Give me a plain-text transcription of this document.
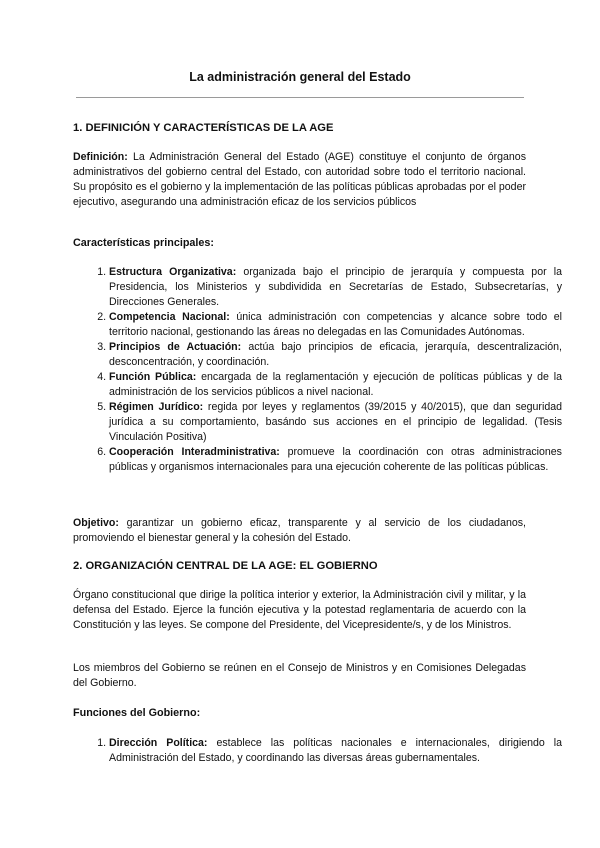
La administración general del Estado
1. DEFINICIÓN Y CARACTERÍSTICAS DE LA AGE

Definición: La Administración General del Estado (AGE) constituye el conjunto de órganos administrativos del gobierno central del Estado, con autoridad sobre todo el territorio nacional. Su propósito es el gobierno y la implementación de las políticas públicas aprobadas por el poder ejecutivo, asegurando una administración eficaz de los servicios públicos

Características principales:
1. Estructura Organizativa: organizada bajo el principio de jerarquía y compuesta por la Presidencia, los Ministerios y subdividida en Secretarías de Estado, Subsecretarías, y Direcciones Generales.
2. Competencia Nacional: única administración con competencias y alcance sobre todo el territorio nacional, gestionando las áreas no delegadas en las Comunidades Autónomas.
3. Principios de Actuación: actúa bajo principios de eficacia, jerarquía, descentralización, desconcentración, y coordinación.
4. Función Pública: encargada de la reglamentación y ejecución de políticas públicas y de la administración de los servicios públicos a nivel nacional.
5. Régimen Jurídico: regida por leyes y reglamentos (39/2015 y 40/2015), que dan seguridad jurídica a su comportamiento, basándo sus acciones en el principio de legalidad. (Tesis Vinculación Positiva)
6. Cooperación Interadministrativa: promueve la coordinación con otras administraciones públicas y organismos internacionales para una ejecución coherente de las políticas públicas.

Objetivo: garantizar un gobierno eficaz, transparente y al servicio de los ciudadanos, promoviendo el bienestar general y la cohesión del Estado.

2. ORGANIZACIÓN CENTRAL DE LA AGE: EL GOBIERNO

Órgano constitucional que dirige la política interior y exterior, la Administración civil y militar, y la defensa del Estado. Ejerce la función ejecutiva y la potestad reglamentaria de acuerdo con la Constitución y las leyes. Se compone del Presidente, del Vicepresidente/s, y de los Ministros.

Los miembros del Gobierno se reúnen en el Consejo de Ministros y en Comisiones Delegadas del Gobierno.

Funciones del Gobierno:
1. Dirección Política: establece las políticas nacionales e internacionales, dirigiendo la Administración del Estado, y coordinando las diversas áreas gubernamentales.
